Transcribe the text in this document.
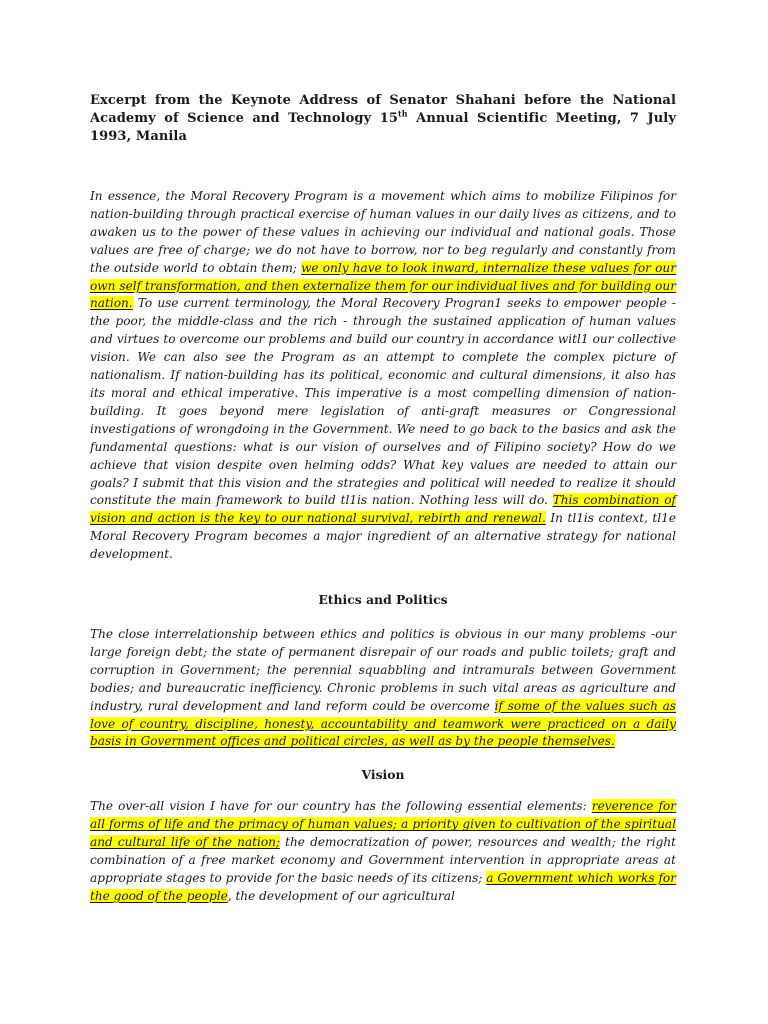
Excerpt from the Keynote Address of Senator Shahani before the National Academy of Science and Technology 15th Annual Scientific Meeting, 7 July 1993, Manila

In essence, the Moral Recovery Program is a movement which aims to mobilize Filipinos for nation-building through practical exercise of human values in our daily lives as citizens, and to awaken us to the power of these values in achieving our individual and national goals. Those values are free of charge; we do not have to borrow, nor to beg regularly and constantly from the outside world to obtain them; we only have to look inward, internalize these values for our own self transformation, and then externalize them for our individual lives and for building our nation. To use current terminology, the Moral Recovery Progran1 seeks to empower people - the poor, the middle-class and the rich - through the sustained application of human values and virtues to overcome our problems and build our country in accordance witl1 our collective vision. We can also see the Program as an attempt to complete the complex picture of nationalism. If nation-building has its political, economic and cultural dimensions, it also has its moral and ethical imperative. This imperative is a most compelling dimension of nation-building. It goes beyond mere legislation of anti-graft measures or Congressional investigations of wrongdoing in the Government. We need to go back to the basics and ask the fundamental questions: what is our vision of ourselves and of Filipino society? How do we achieve that vision despite oven helming odds? What key values are needed to attain our goals? I submit that this vision and the strategies and political will needed to realize it should constitute the main framework to build tl1is nation. Nothing less will do. This combination of vision and action is the key to our national survival, rebirth and renewal. In tl1is context, tl1e Moral Recovery Program becomes a major ingredient of an alternative strategy for national development.

Ethics and Politics

The close interrelationship between ethics and politics is obvious in our many problems -our large foreign debt; the state of permanent disrepair of our roads and public toilets; graft and corruption in Government; the perennial squabbling and intramurals between Government bodies; and bureaucratic inefficiency. Chronic problems in such vital areas as agriculture and industry, rural development and land reform could be overcome if some of the values such as love of country, discipline, honesty, accountability and teamwork were practiced on a daily basis in Government offices and political circles, as well as by the people themselves.

Vision

The over-all vision I have for our country has the following essential elements: reverence for all forms of life and the primacy of human values; a priority given to cultivation of the spiritual and cultural life of the nation; the democratization of power, resources and wealth; the right combination of a free market economy and Government intervention in appropriate areas at appropriate stages to provide for the basic needs of its citizens; a Government which works for the good of the people, the development of our agricultural
